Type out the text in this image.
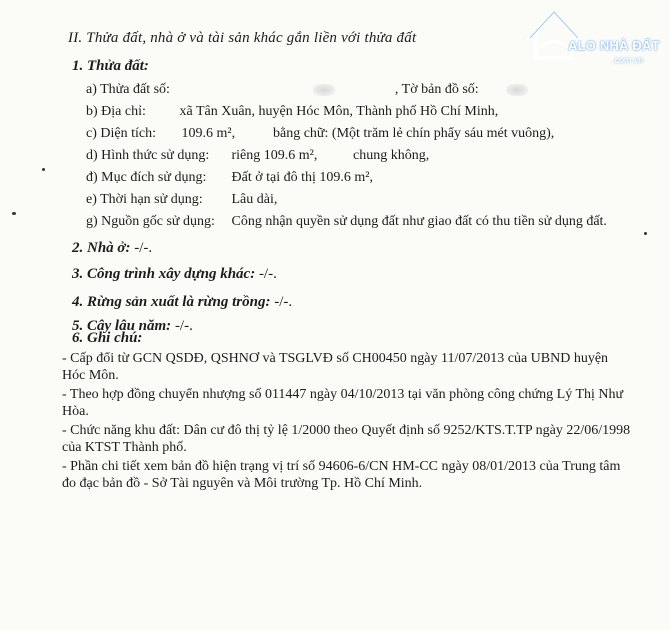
ALO NHÀ ĐẤT
.com.vn
II. Thửa đất, nhà ở và tài sản khác gắn liền với thửa đất
1. Thửa đất:
a) Thửa đất số:	, Tờ bản đồ số:
b) Địa chỉ: xã Tân Xuân, huyện Hóc Môn, Thành phố Hồ Chí Minh,
c) Diện tích: 109.6 m²,	bằng chữ: (Một trăm lẻ chín phẩy sáu mét vuông),
d) Hình thức sử dụng: riêng 109.6 m²,	chung không,
đ) Mục đích sử dụng: Đất ở tại đô thị 109.6 m²,
e) Thời hạn sử dụng: Lâu dài,
g) Nguồn gốc sử dụng: Công nhận quyền sử dụng đất như giao đất có thu tiền sử dụng đất.
2. Nhà ở: -/-.
3. Công trình xây dựng khác: -/-.
4. Rừng sản xuất là rừng trồng: -/-.
5. Cây lâu năm: -/-.
6. Ghi chú:

- Cấp đổi từ GCN QSDĐ, QSHNƠ và TSGLVĐ số CH00450 ngày 11/07/2013 của UBND huyện Hóc Môn.

- Theo hợp đồng chuyển nhượng số 011447 ngày 04/10/2013 tại văn phòng công chứng Lý Thị Như Hòa.

- Chức năng khu đất: Dân cư đô thị tỷ lệ 1/2000 theo Quyết định số 9252/KTS.T.TP ngày 22/06/1998 của KTST Thành phố.

- Phần chi tiết xem bản đồ hiện trạng vị trí số 94606-6/CN HM-CC ngày 08/01/2013 của Trung tâm đo đạc bản đồ - Sở Tài nguyên và Môi trường Tp. Hồ Chí Minh.
